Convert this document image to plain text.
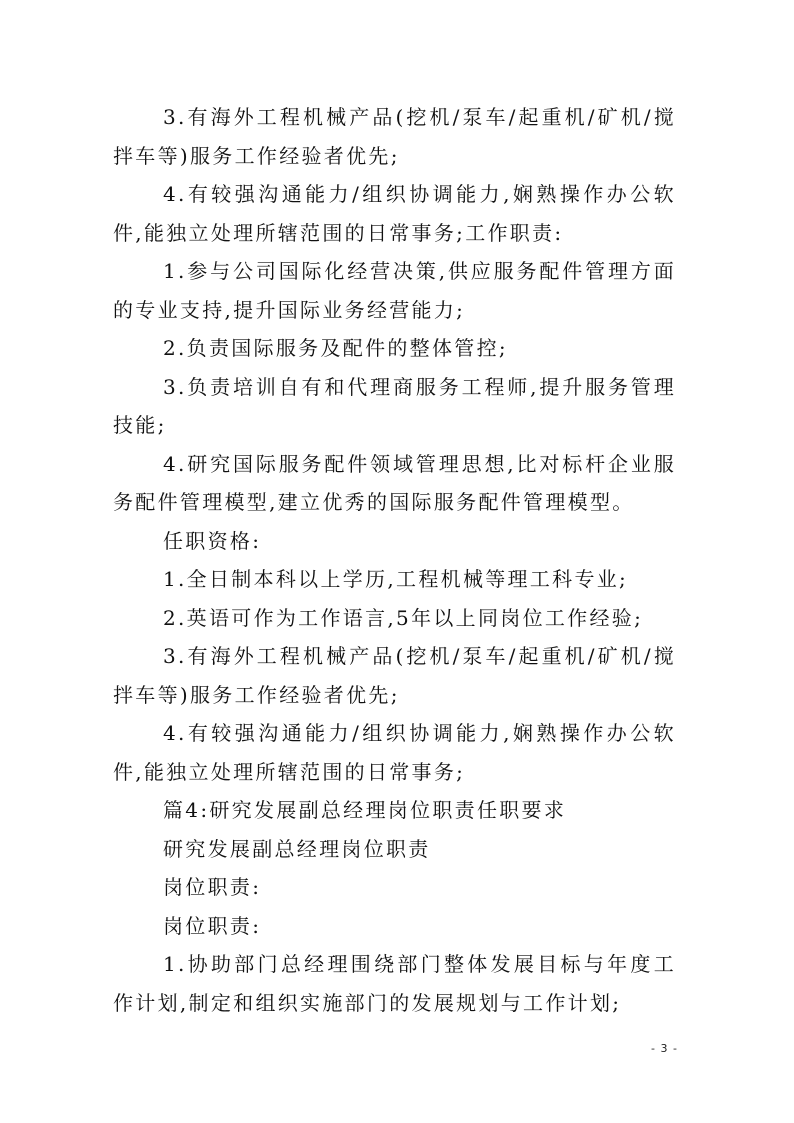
3.有海外工程机械产品(挖机/泵车/起重机/矿机/搅拌车等)服务工作经验者优先;

4.有较强沟通能力/组织协调能力,娴熟操作办公软件,能独立处理所辖范围的日常事务;工作职责:

1.参与公司国际化经营决策,供应服务配件管理方面的专业支持,提升国际业务经营能力;

2.负责国际服务及配件的整体管控;

3.负责培训自有和代理商服务工程师,提升服务管理技能;

4.研究国际服务配件领域管理思想,比对标杆企业服务配件管理模型,建立优秀的国际服务配件管理模型。

任职资格:

1.全日制本科以上学历,工程机械等理工科专业;

2.英语可作为工作语言,5年以上同岗位工作经验;

3.有海外工程机械产品(挖机/泵车/起重机/矿机/搅拌车等)服务工作经验者优先;

4.有较强沟通能力/组织协调能力,娴熟操作办公软件,能独立处理所辖范围的日常事务;

篇4:研究发展副总经理岗位职责任职要求

研究发展副总经理岗位职责

岗位职责:

岗位职责:

1.协助部门总经理围绕部门整体发展目标与年度工作计划,制定和组织实施部门的发展规划与工作计划;

- 3 -
